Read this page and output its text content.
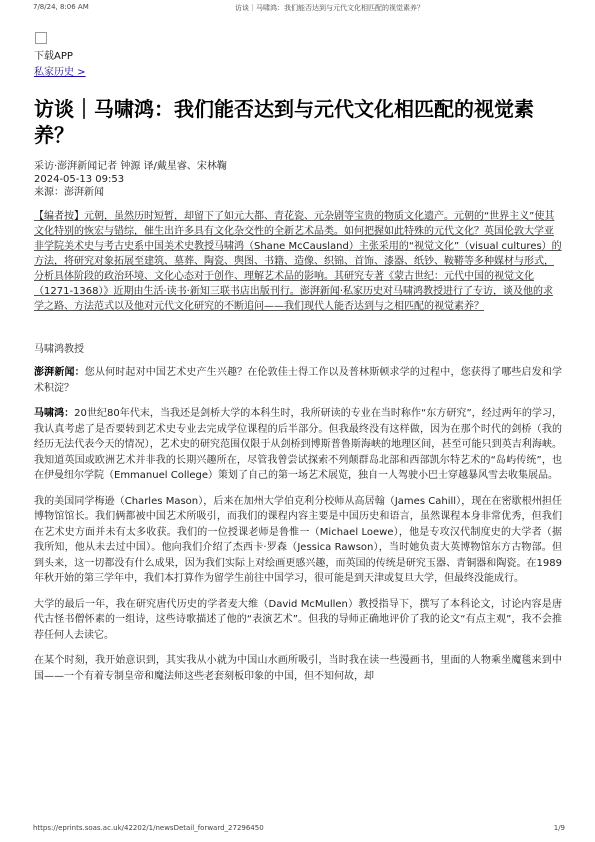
7/8/24, 8:06 AM	访谈｜马啸鸿：我们能否达到与元代文化相匹配的视觉素养？
下载APP
私家历史 >
访谈｜马啸鸿：我们能否达到与元代文化相匹配的视觉素养？
采访·澎湃新闻记者 钟源 译/戴星睿、宋林鞠
2024-05-13 09:53
来源：澎湃新闻
【编者按】元朝，虽然历时短暂，却留下了如元大都、青花瓷、元杂剧等宝贵的物质文化遗产。元朝的“世界主义”使其文化特别的恢宏与错综，催生出许多具有文化杂交性的全新艺术品类。如何把握如此特殊的元代文化？英国伦敦大学亚非学院美术史与考古史系中国美术史教授马啸鸿（Shane McCausland）主张采用的“视觉文化”（visual cultures）的方法，将研究对象拓展至建筑、墓葬、陶瓷、舆图、书籍、造像、织锦、首饰、漆器、纸钞、鞍鞯等多种媒材与形式，分析具体阶段的政治环境、文化心态对于创作、理解艺术品的影响。其研究专著《蒙古世纪：元代中国的视觉文化（1271-1368）》近期由生活·读书·新知三联书店出版刊行。澎湃新闻·私家历史对马啸鸿教授进行了专访，谈及他的求学之路、方法范式以及他对元代文化研究的不断追问——我们现代人能否达到与之相匹配的视觉素养？
马啸鸿教授
澎湃新闻：您从何时起对中国艺术史产生兴趣？在伦敦佳士得工作以及普林斯顿求学的过程中，您获得了哪些启发和学术积淀？
马啸鸿：20世纪80年代末，当我还是剑桥大学的本科生时，我所研读的专业在当时称作“东方研究”，经过两年的学习，我认真考虑了是否要转到艺术史专业去完成学位课程的后半部分。但我最终没有这样做，因为在那个时代的剑桥（我的经历无法代表今天的情况），艺术史的研究范围仅限于从剑桥到博斯普鲁斯海峡的地理区间，甚至可能只到英吉利海峡。我知道英国或欧洲艺术并非我的长期兴趣所在，尽管我曾尝试探索不列颠群岛北部和西部凯尔特艺术的“岛屿传统”，也在伊曼纽尔学院（Emmanuel College）策划了自己的第一场艺术展览，独自一人驾驶小巴士穿越暴风雪去收集展品。
我的美国同学梅逊（Charles Mason），后来在加州大学伯克利分校师从高居翰（James Cahill），现在在密歇根州担任博物馆馆长。我们俩都被中国艺术所吸引，而我们的课程内容主要是中国历史和语言，虽然课程本身非常优秀，但我们在艺术史方面并未有太多收获。我们的一位授课老师是鲁惟一（Michael Loewe），他是专攻汉代制度史的大学者（据我所知，他从未去过中国）。他向我们介绍了杰西卡·罗森（Jessica Rawson），当时她负责大英博物馆东方古物部。但到头来，这一切都没有什么成果，因为我们实际上对绘画更感兴趣，而英国的传统是研究玉器、青铜器和陶瓷。在1989年秋开始的第三学年中，我们本打算作为留学生前往中国学习，很可能是到天津或复旦大学，但最终没能成行。
大学的最后一年，我在研究唐代历史的学者麦大维（David McMullen）教授指导下，撰写了本科论文，讨论内容是唐代古怪书僧怀素的一组诗，这些诗歌描述了他的“表演艺术”。但我的导师正确地评价了我的论文“有点主观”，我不会推荐任何人去读它。
在某个时刻，我开始意识到，其实我从小就为中国山水画所吸引，当时我在读一些漫画书，里面的人物乘坐魔毯来到中国——一个有着专制皇帝和魔法师这些老套刻板印象的中国，但不知何故，却
https://eprints.soas.ac.uk/42202/1/newsDetail_forward_27296450	1/9
